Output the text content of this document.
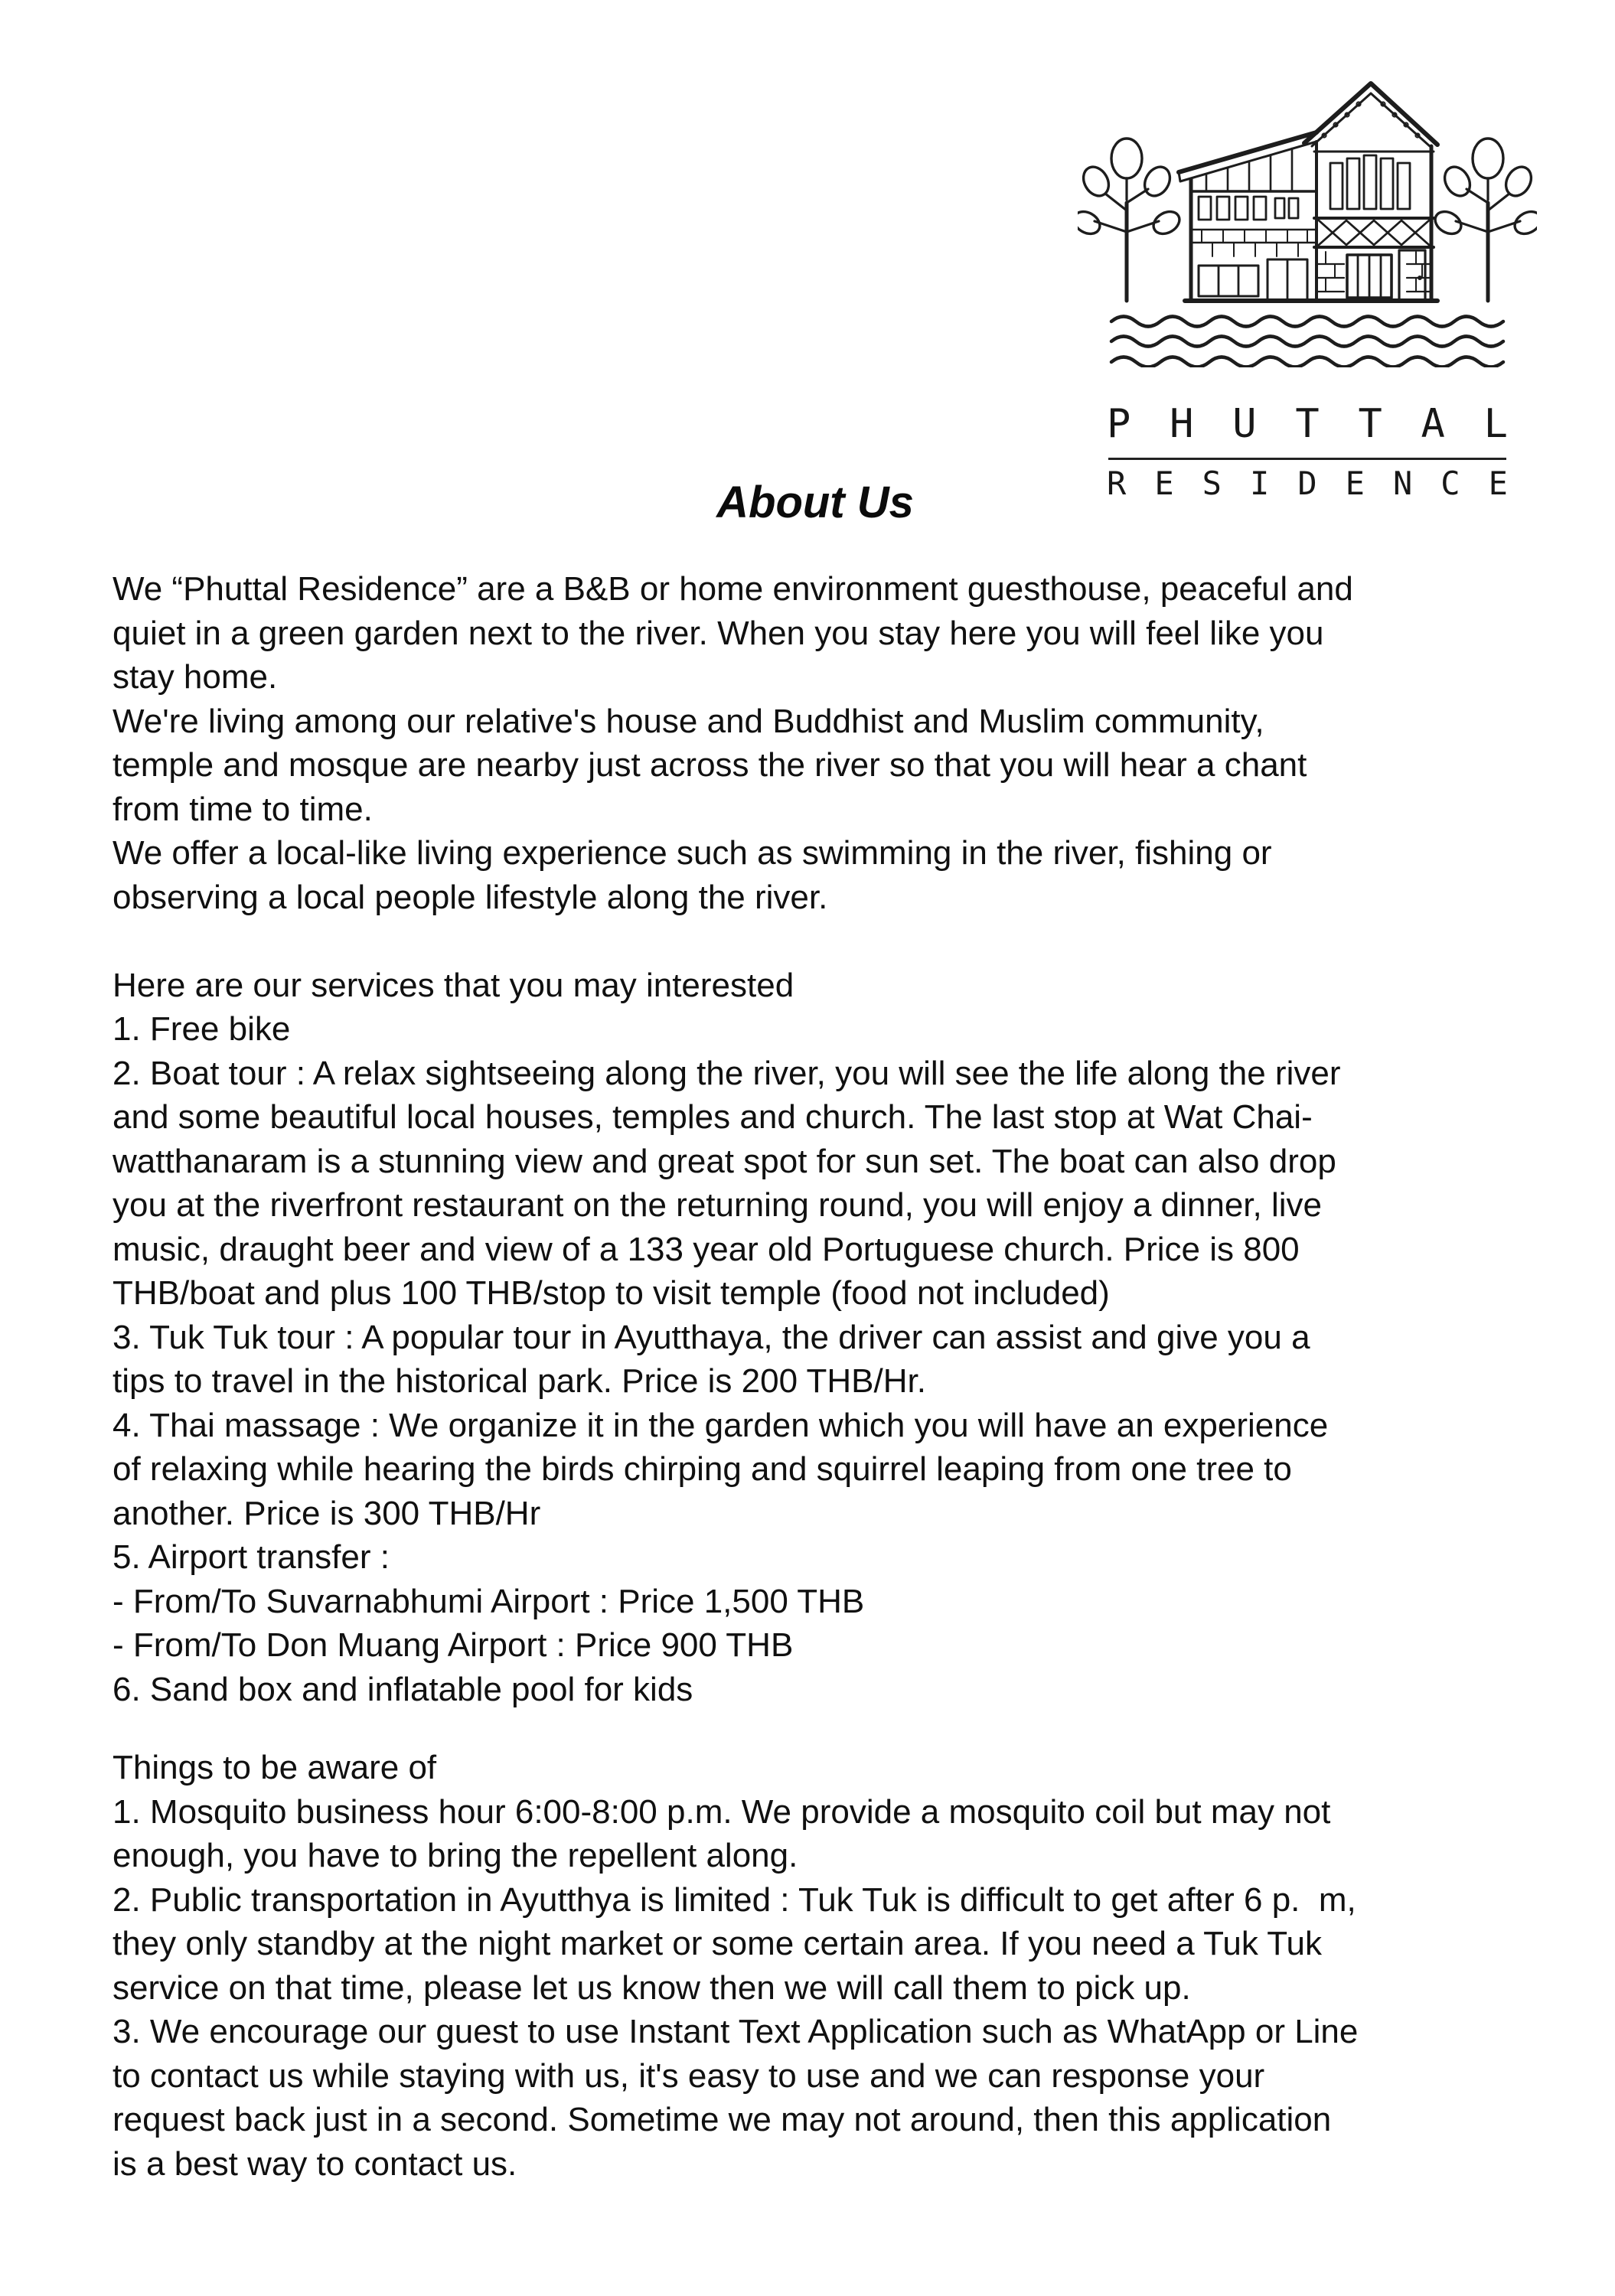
P H U T T A L
R E S I D E N C E
About Us
We “Phuttal Residence” are a B&B or home environment guesthouse, peaceful and
quiet in a green garden next to the river. When you stay here you will feel like you
stay home.
We're living among our relative's house and Buddhist and Muslim community,
temple and mosque are nearby just across the river so that you will hear a chant
from time to time.
We offer a local-like living experience such as swimming in the river, fishing or
observing a local people lifestyle along the river.
Here are our services that you may interested
1. Free bike
2. Boat tour : A relax sightseeing along the river, you will see the life along the river
and some beautiful local houses, temples and church. The last stop at Wat Chai-
watthanaram is a stunning view and great spot for sun set. The boat can also drop
you at the riverfront restaurant on the returning round, you will enjoy a dinner, live
music, draught beer and view of a 133 year old Portuguese church. Price is 800
THB/boat and plus 100 THB/stop to visit temple (food not included)
3. Tuk Tuk tour : A popular tour in Ayutthaya, the driver can assist and give you a
tips to travel in the historical park. Price is 200 THB/Hr.
4. Thai massage : We organize it in the garden which you will have an experience
of relaxing while hearing the birds chirping and squirrel leaping from one tree to
another. Price is 300 THB/Hr
5. Airport transfer :
- From/To Suvarnabhumi Airport : Price 1,500 THB
- From/To Don Muang Airport : Price 900 THB
6. Sand box and inflatable pool for kids
Things to be aware of
1. Mosquito business hour 6:00-8:00 p.m. We provide a mosquito coil but may not
enough, you have to bring the repellent along.
2. Public transportation in Ayutthya is limited : Tuk Tuk is difficult to get after 6 p.  m,
they only standby at the night market or some certain area. If you need a Tuk Tuk
service on that time, please let us know then we will call them to pick up.
3. We encourage our guest to use Instant Text Application such as WhatApp or Line
to contact us while staying with us, it's easy to use and we can response your
request back just in a second. Sometime we may not around, then this application
is a best way to contact us.
